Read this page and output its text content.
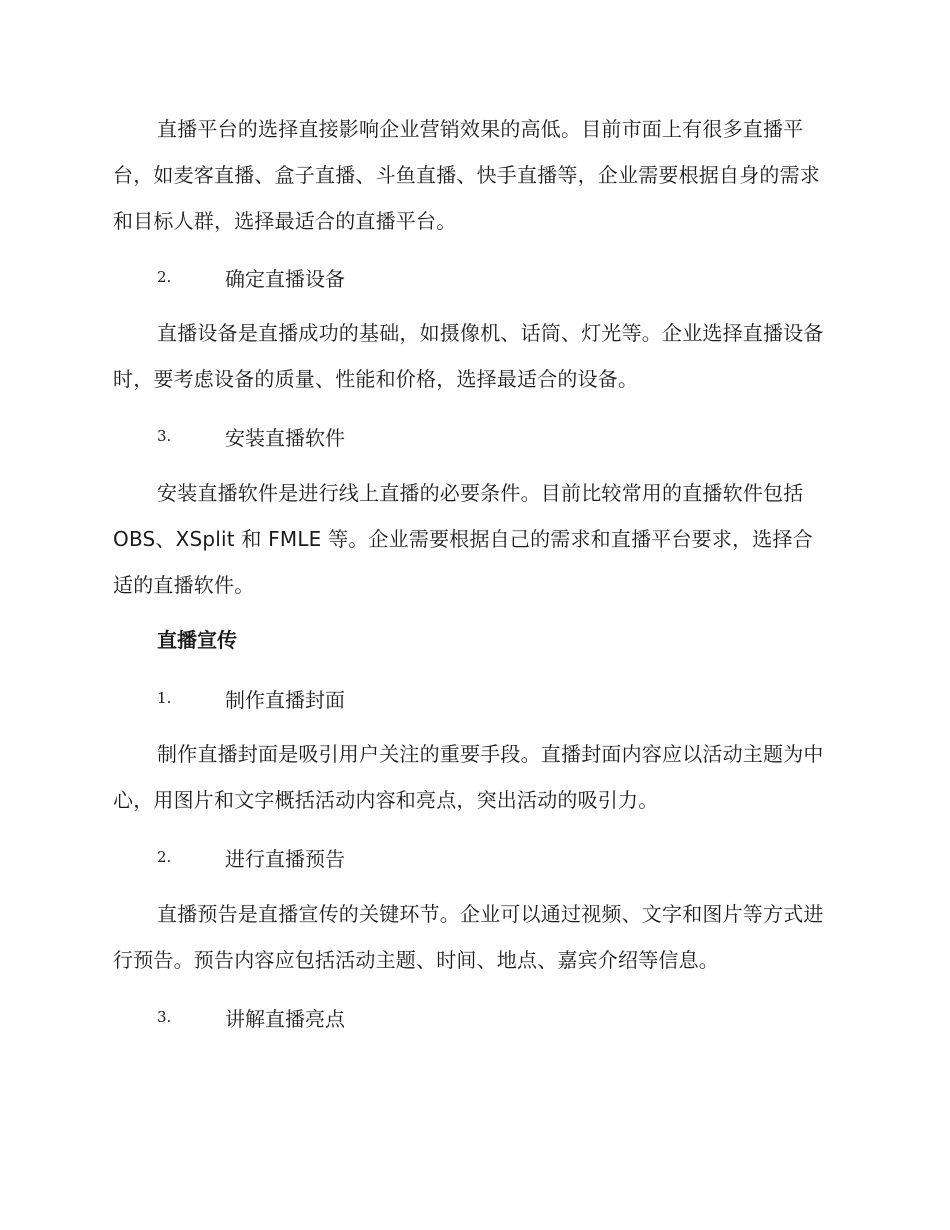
直播平台的选择直接影响企业营销效果的高低。目前市面上有很多直播平台，如麦客直播、盒子直播、斗鱼直播、快手直播等，企业需要根据自身的需求和目标人群，选择最适合的直播平台。

2.	确定直播设备

直播设备是直播成功的基础，如摄像机、话筒、灯光等。企业选择直播设备时，要考虑设备的质量、性能和价格，选择最适合的设备。

3.	安装直播软件

安装直播软件是进行线上直播的必要条件。目前比较常用的直播软件包括 OBS、XSplit 和 FMLE 等。企业需要根据自己的需求和直播平台要求，选择合适的直播软件。

直播宣传
1.	制作直播封面

制作直播封面是吸引用户关注的重要手段。直播封面内容应以活动主题为中心，用图片和文字概括活动内容和亮点，突出活动的吸引力。

2.	进行直播预告

直播预告是直播宣传的关键环节。企业可以通过视频、文字和图片等方式进行预告。预告内容应包括活动主题、时间、地点、嘉宾介绍等信息。

3.	讲解直播亮点
